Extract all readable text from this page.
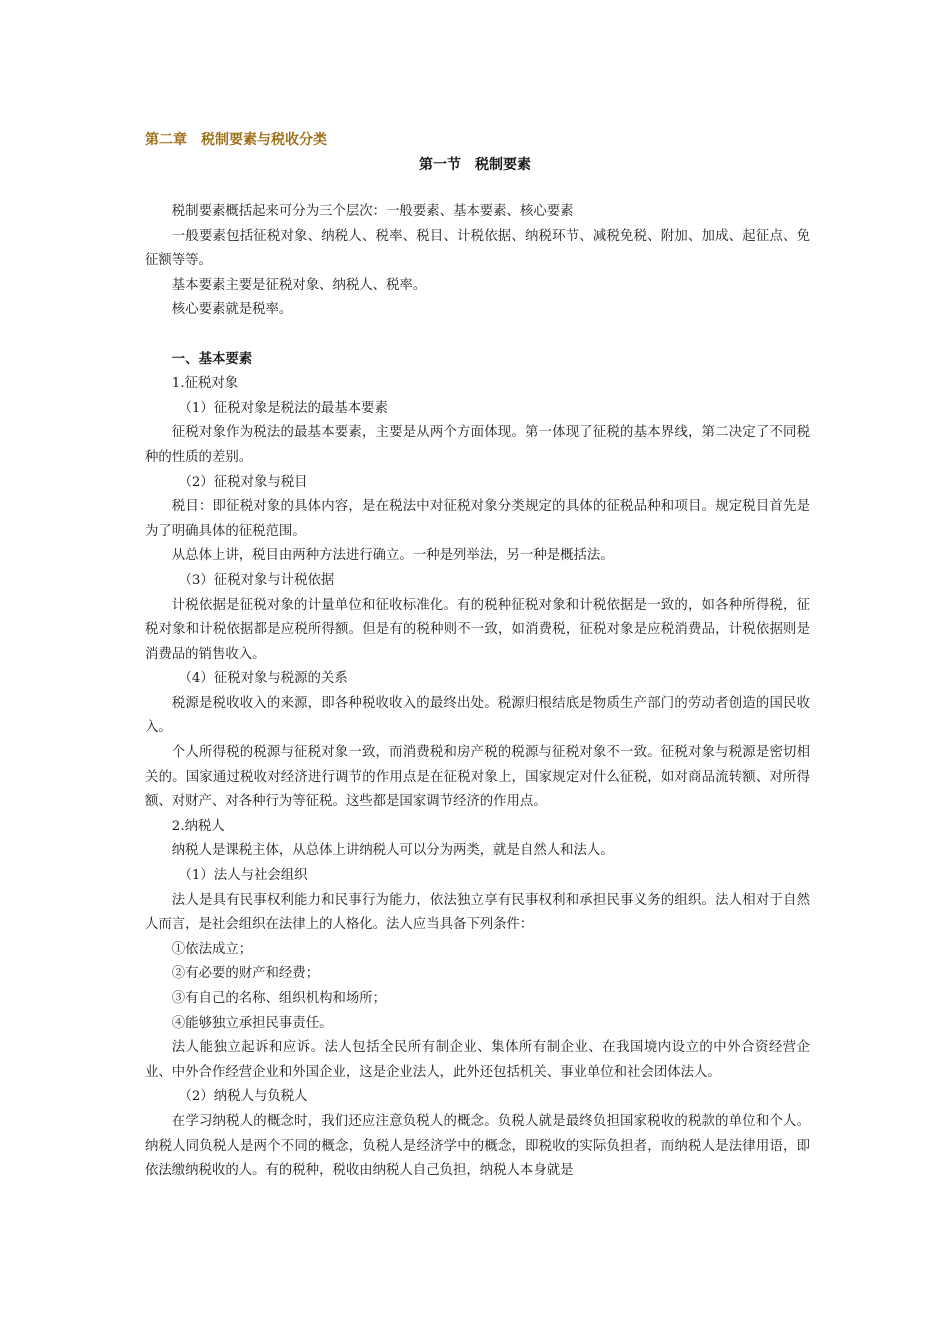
第二章　税制要素与税收分类
第一节　税制要素

税制要素概括起来可分为三个层次：一般要素、基本要素、核心要素

一般要素包括征税对象、纳税人、税率、税目、计税依据、纳税环节、减税免税、附加、加成、起征点、免征额等等。

基本要素主要是征税对象、纳税人、税率。

核心要素就是税率。

一、基本要素

1.征税对象

（1）征税对象是税法的最基本要素

征税对象作为税法的最基本要素，主要是从两个方面体现。第一体现了征税的基本界线，第二决定了不同税种的性质的差别。

（2）征税对象与税目

税目：即征税对象的具体内容，是在税法中对征税对象分类规定的具体的征税品种和项目。规定税目首先是为了明确具体的征税范围。

从总体上讲，税目由两种方法进行确立。一种是列举法，另一种是概括法。

（3）征税对象与计税依据

计税依据是征税对象的计量单位和征收标准化。有的税种征税对象和计税依据是一致的，如各种所得税，征税对象和计税依据都是应税所得额。但是有的税种则不一致，如消费税，征税对象是应税消费品，计税依据则是消费品的销售收入。

（4）征税对象与税源的关系

税源是税收收入的来源，即各种税收收入的最终出处。税源归根结底是物质生产部门的劳动者创造的国民收入。

个人所得税的税源与征税对象一致，而消费税和房产税的税源与征税对象不一致。征税对象与税源是密切相关的。国家通过税收对经济进行调节的作用点是在征税对象上，国家规定对什么征税，如对商品流转额、对所得额、对财产、对各种行为等征税。这些都是国家调节经济的作用点。

2.纳税人

纳税人是课税主体，从总体上讲纳税人可以分为两类，就是自然人和法人。

（1）法人与社会组织

法人是具有民事权利能力和民事行为能力，依法独立享有民事权利和承担民事义务的组织。法人相对于自然人而言，是社会组织在法律上的人格化。法人应当具备下列条件：

①依法成立；

②有必要的财产和经费；

③有自己的名称、组织机构和场所；

④能够独立承担民事责任。

法人能独立起诉和应诉。法人包括全民所有制企业、集体所有制企业、在我国境内设立的中外合资经营企业、中外合作经营企业和外国企业，这是企业法人，此外还包括机关、事业单位和社会团体法人。

（2）纳税人与负税人

在学习纳税人的概念时，我们还应注意负税人的概念。负税人就是最终负担国家税收的税款的单位和个人。纳税人同负税人是两个不同的概念，负税人是经济学中的概念，即税收的实际负担者，而纳税人是法律用语，即依法缴纳税收的人。有的税种，税收由纳税人自己负担，纳税人本身就是
